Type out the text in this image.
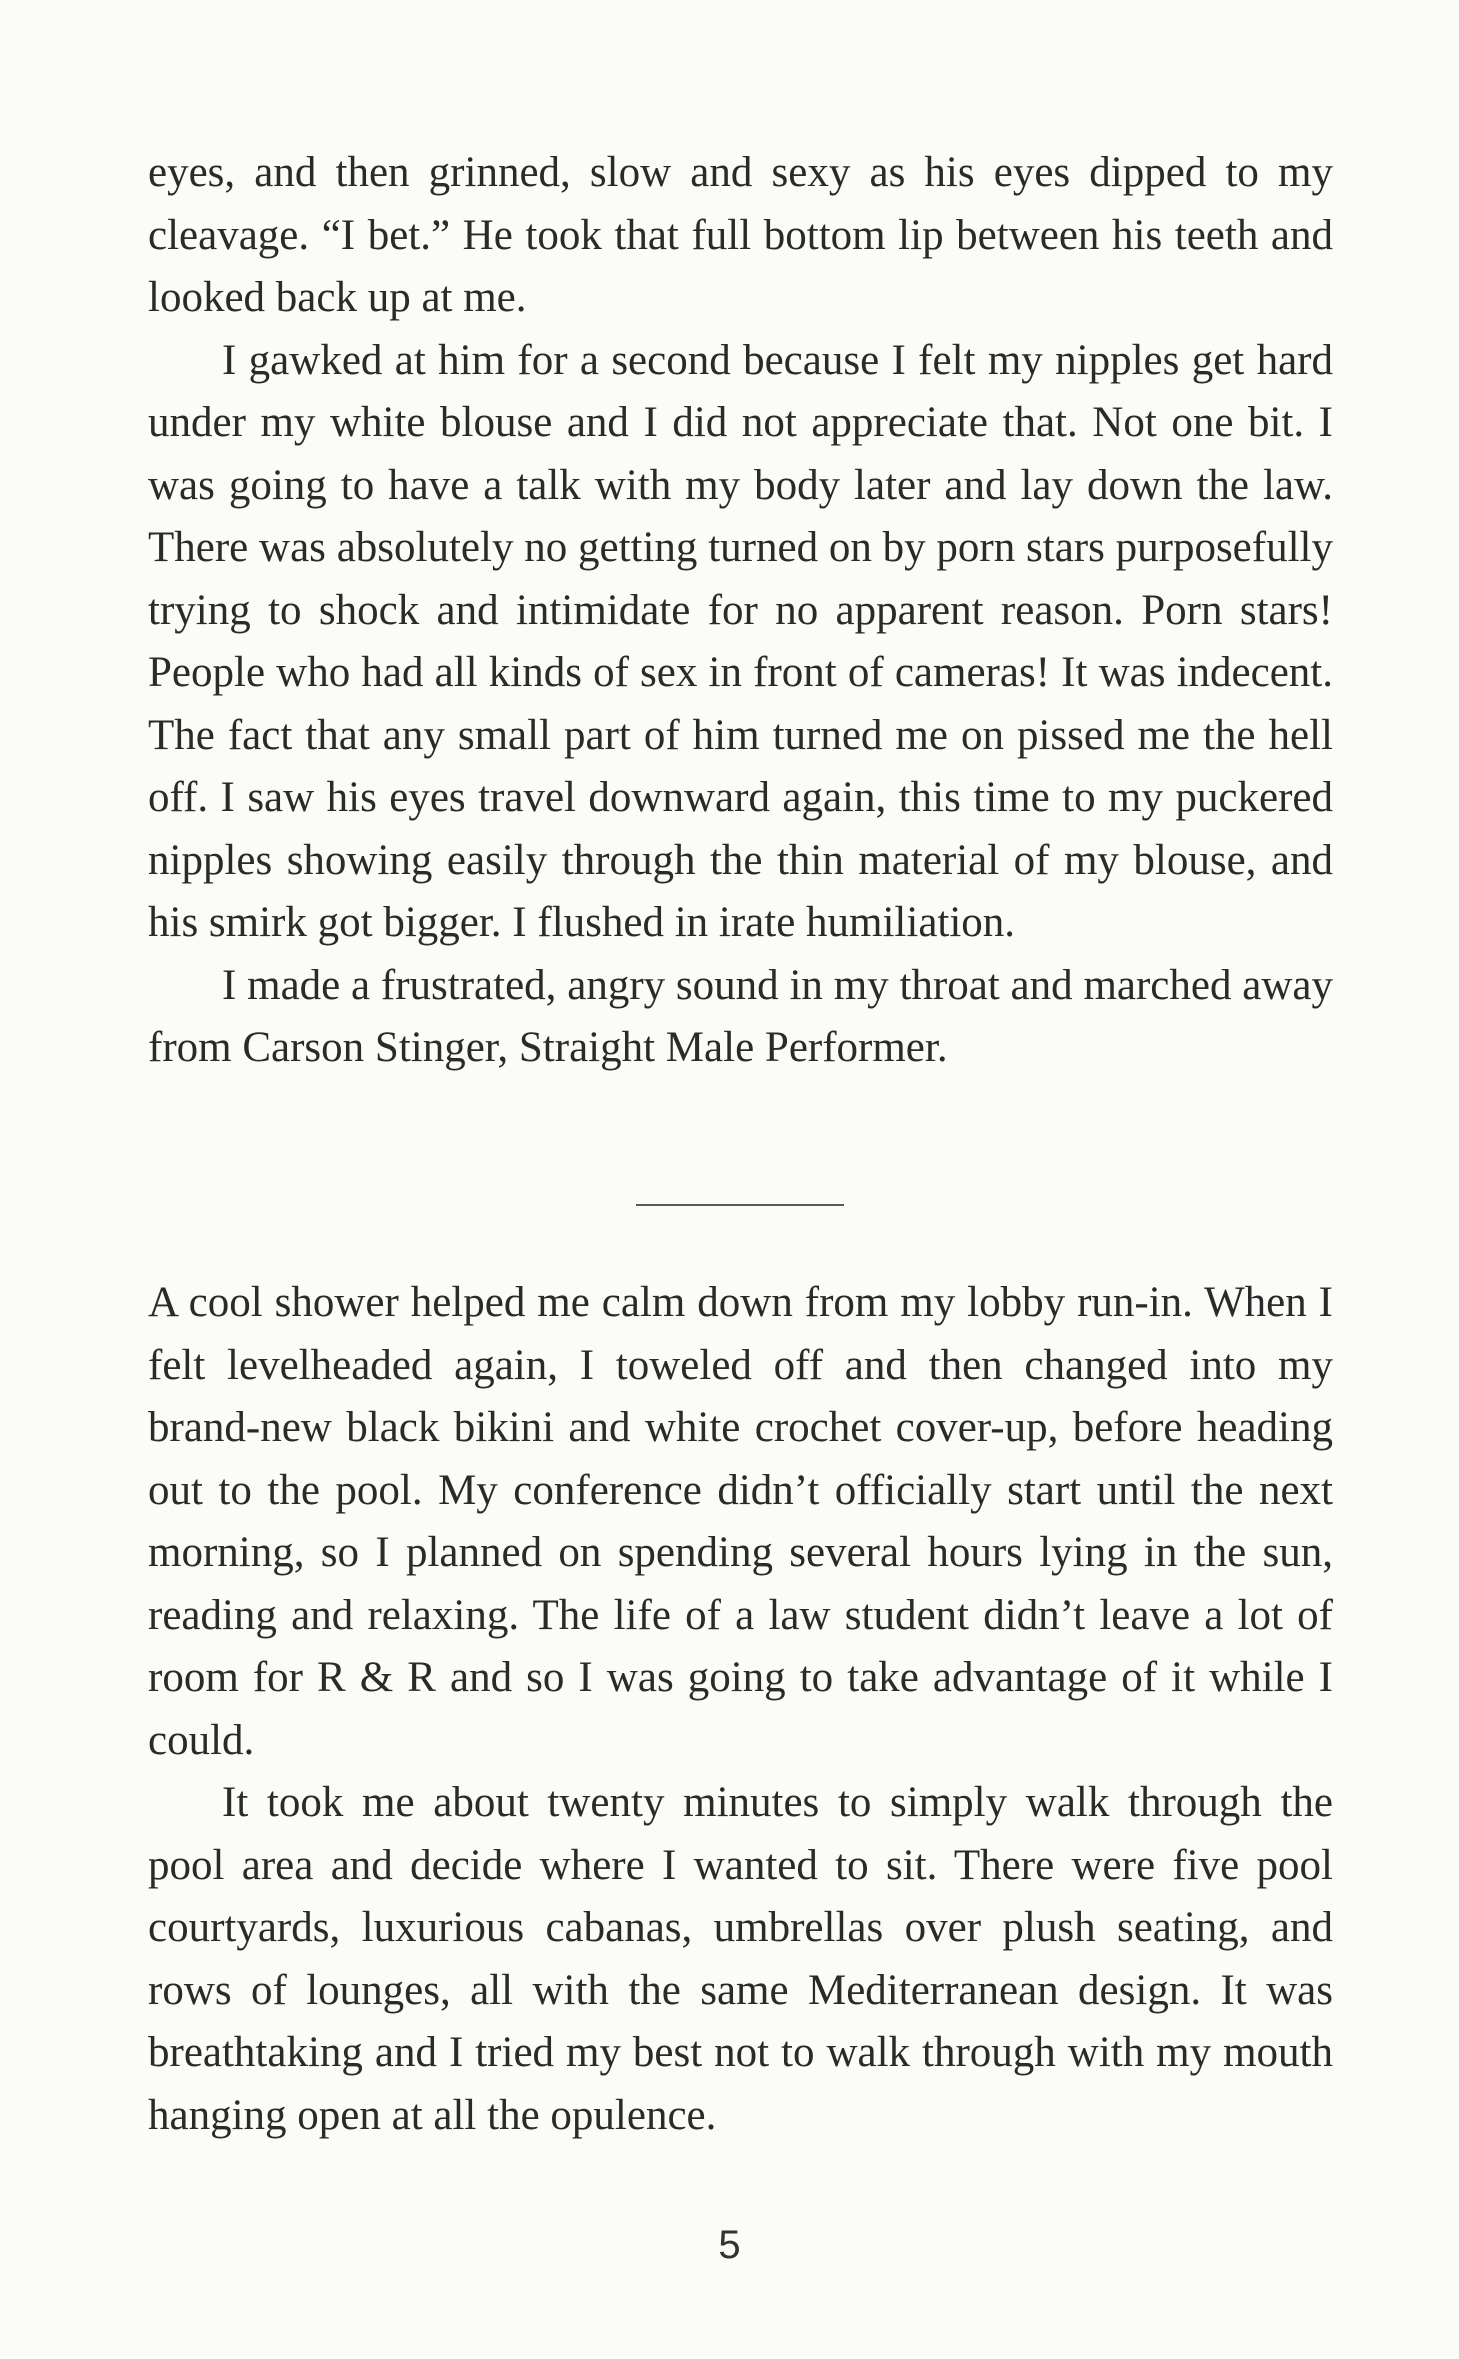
eyes, and then grinned, slow and sexy as his eyes dipped to my cleavage. “I bet.” He took that full bottom lip between his teeth and looked back up at me.

I gawked at him for a second because I felt my nipples get hard under my white blouse and I did not appreciate that. Not one bit. I was going to have a talk with my body later and lay down the law. There was absolutely no getting turned on by porn stars purposefully trying to shock and intimidate for no apparent reason. Porn stars! People who had all kinds of sex in front of cameras! It was indecent. The fact that any small part of him turned me on pissed me the hell off. I saw his eyes travel downward again, this time to my puckered nipples showing easily through the thin material of my blouse, and his smirk got bigger. I flushed in irate humiliation.

I made a frustrated, angry sound in my throat and marched away from Carson Stinger, Straight Male Performer.

A cool shower helped me calm down from my lobby run-in. When I felt levelheaded again, I toweled off and then changed into my brand-new black bikini and white crochet cover-up, before heading out to the pool. My conference didn’t officially start until the next morning, so I planned on spending several hours lying in the sun, reading and relaxing. The life of a law student didn’t leave a lot of room for R & R and so I was going to take advantage of it while I could.

It took me about twenty minutes to simply walk through the pool area and decide where I wanted to sit. There were five pool courtyards, luxurious cabanas, umbrellas over plush seating, and rows of lounges, all with the same Mediterranean design. It was breathtaking and I tried my best not to walk through with my mouth hanging open at all the opulence.

5
